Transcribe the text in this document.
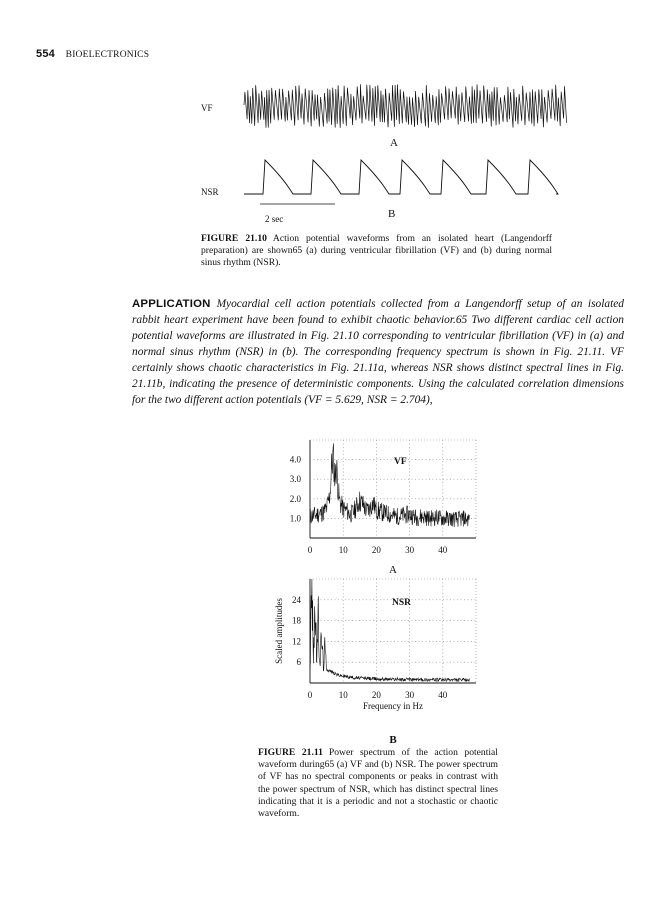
554 BIOELECTRONICS
VF
A
NSR
2 sec	B
FIGURE 21.10 Action potential waveforms from an isolated heart (Langendorff preparation) are shown65 (a) during ventricular fibrillation (VF) and (b) during normal sinus rhythm (NSR).
APPLICATION Myocardial cell action potentials collected from a Langendorff setup of an isolated rabbit heart experiment have been found to exhibit chaotic behavior.65 Two different cardiac cell action potential waveforms are illustrated in Fig. 21.10 corresponding to ventricular fibrillation (VF) in (a) and normal sinus rhythm (NSR) in (b). The corresponding frequency spectrum is shown in Fig. 21.11. VF certainly shows chaotic characteristics in Fig. 21.11a, whereas NSR shows distinct spectral lines in Fig. 21.11b, indicating the presence of deterministic components. Using the calculated correlation dimensions for the two different action potentials (VF = 5.629, NSR = 2.704),
0	10	20	30	40
1.0
2.0
3.0
4.0	VF
A
0	10	20	30	40
6
12
18
24	NSR
B
Frequency in Hz
Scaled amplitudes
FIGURE 21.11 Power spectrum of the action potential waveform during65 (a) VF and (b) NSR. The power spectrum of VF has no spectral components or peaks in contrast with the power spectrum of NSR, which has distinct spectral lines indicating that it is a periodic and not a stochastic or chaotic waveform.
